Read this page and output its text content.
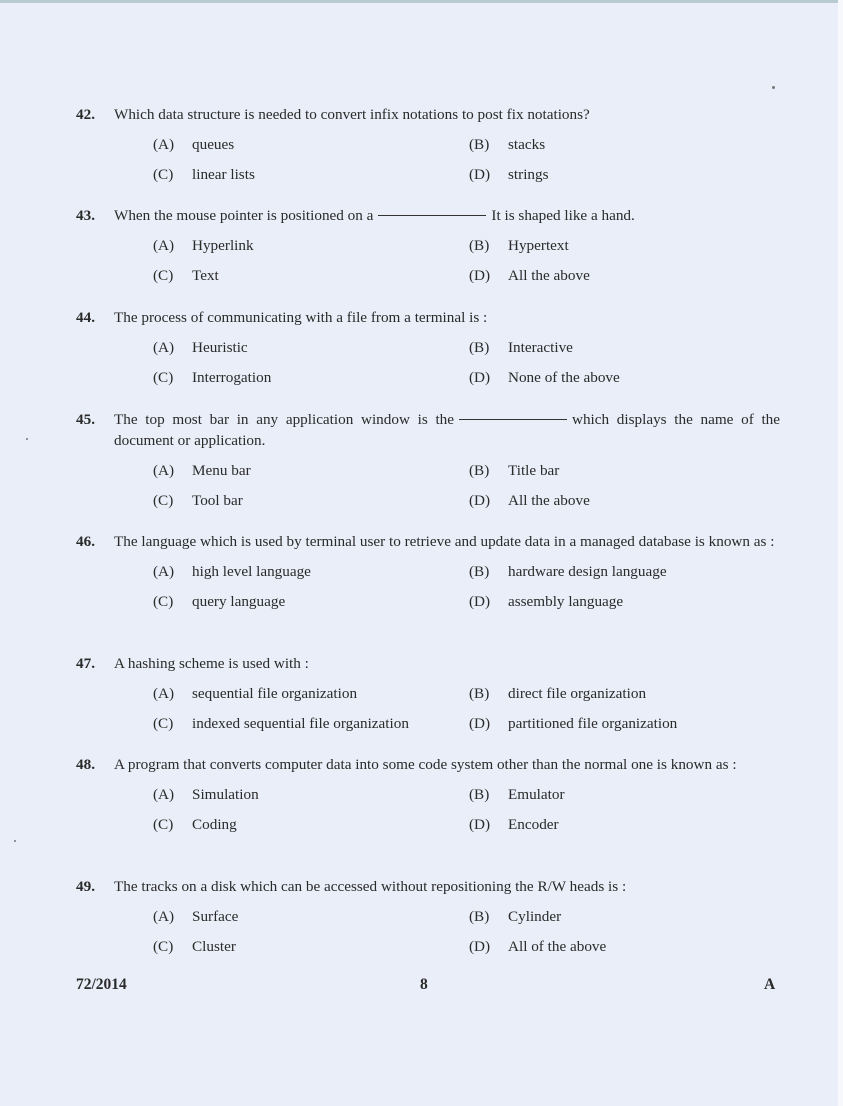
42.	Which data structure is needed to convert infix notations to post fix notations?
(A)	queues	(B)	stacks
(C)	linear lists	(D)	strings
43.	When the mouse pointer is positioned on a	It is shaped like a hand.
(A)	Hyperlink	(B)	Hypertext
(C)	Text	(D)	All the above
44.	The process of communicating with a file from a terminal is :
(A)	Heuristic	(B)	Interactive
(C)	Interrogation	(D)	None of the above
45.	The top most bar in any application window is the	which displays the name of the document or application.
(A)	Menu bar	(B)	Title bar
(C)	Tool bar	(D)	All the above
46.	The language which is used by terminal user to retrieve and update data in a managed database is known as :
(A)	high level language	(B)	hardware design language
(C)	query language	(D)	assembly language
47.	A hashing scheme is used with :
(A)	sequential file organization	(B)	direct file organization
(C)	indexed sequential file organization	(D)	partitioned file organization
48.	A program that converts computer data into some code system other than the normal one is known as :
(A)	Simulation	(B)	Emulator
(C)	Coding	(D)	Encoder
49.	The tracks on a disk which can be accessed without repositioning the R/W heads is :
(A)	Surface	(B)	Cylinder
(C)	Cluster	(D)	All of the above
72/2014	8	A
